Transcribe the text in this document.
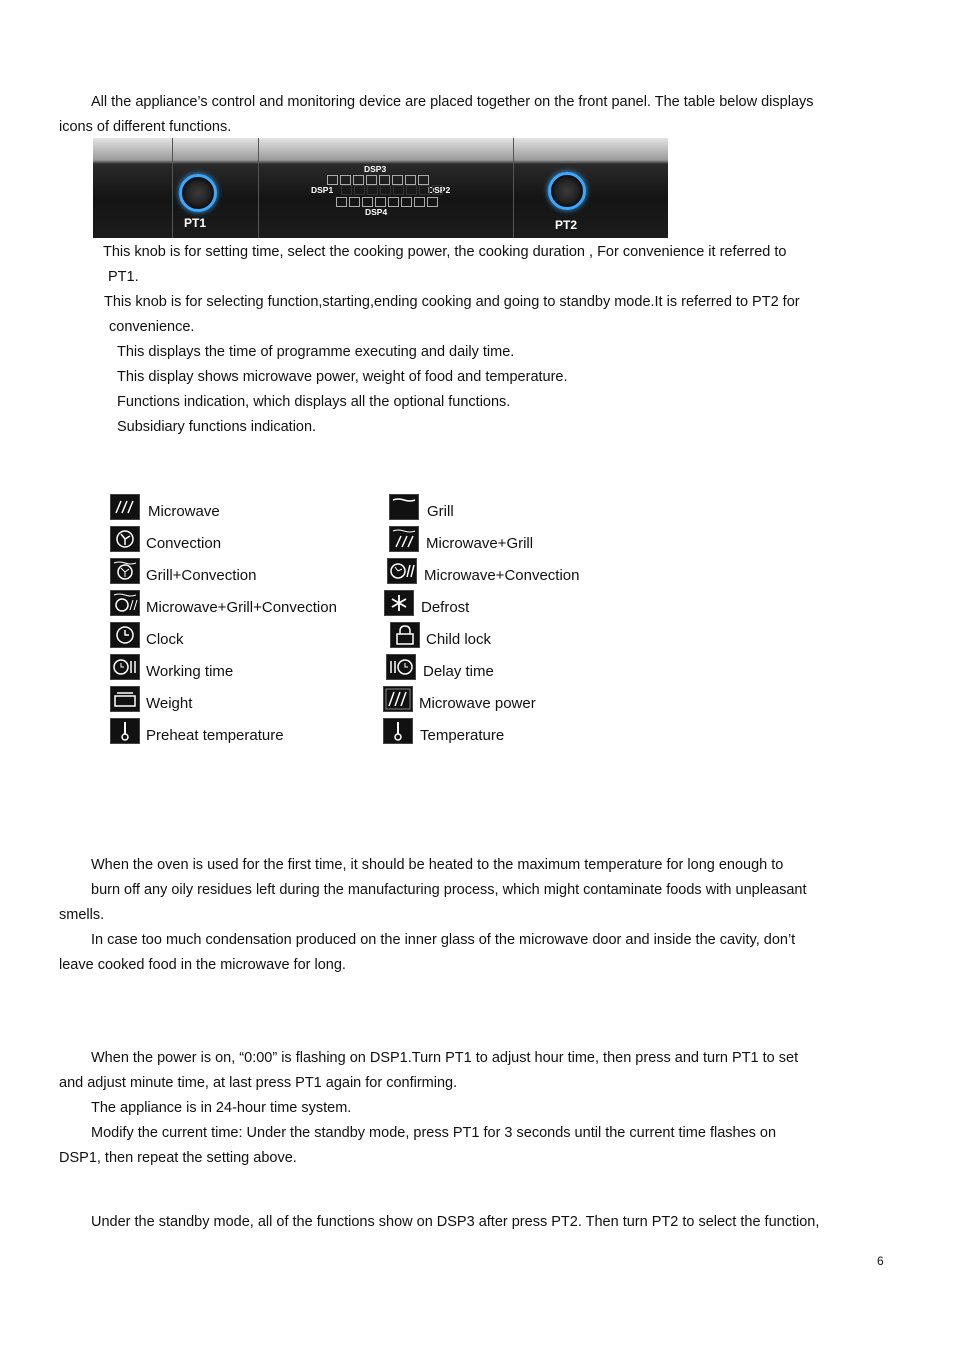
All the appliance’s control and monitoring device are placed together on the front panel. The table below displays
icons of different functions.
PT1	PT2
DSP3
DSP1	DSP2
DSP4
This knob is for setting time, select the cooking power, the cooking duration , For convenience it referred to
PT1.
This knob is for selecting function,starting,ending cooking and going to standby mode.It is referred to PT2 for
convenience.
This displays the time of programme executing and daily time.
This display shows microwave power, weight of food and temperature.
Functions indication, which displays all the optional functions.
Subsidiary functions indication.
Microwave
Convection
Grill+Convection
Microwave+Grill+Convection
Clock
Working time
Weight
Preheat temperature
Grill
Microwave+Grill
Microwave+Convection
Defrost
Child lock
Delay time
Microwave power
Temperature
When the oven is used for the first time, it should be heated to the maximum temperature for long enough to
burn off any oily residues left during the manufacturing process, which might contaminate foods with unpleasant
smells.
In case too much condensation produced on the inner glass of the microwave door and inside the cavity, don’t
leave cooked food in the microwave for long.
When the power is on, “0:00” is flashing on DSP1.Turn PT1 to adjust hour time, then press and turn PT1 to set
and adjust minute time, at last press PT1 again for confirming.
The appliance is in 24-hour time system.
Modify the current time: Under the standby mode, press PT1 for 3 seconds until the current time flashes on
DSP1, then repeat the setting above.
Under the standby mode, all of the functions show on DSP3 after press PT2. Then turn PT2 to select the function,
6
